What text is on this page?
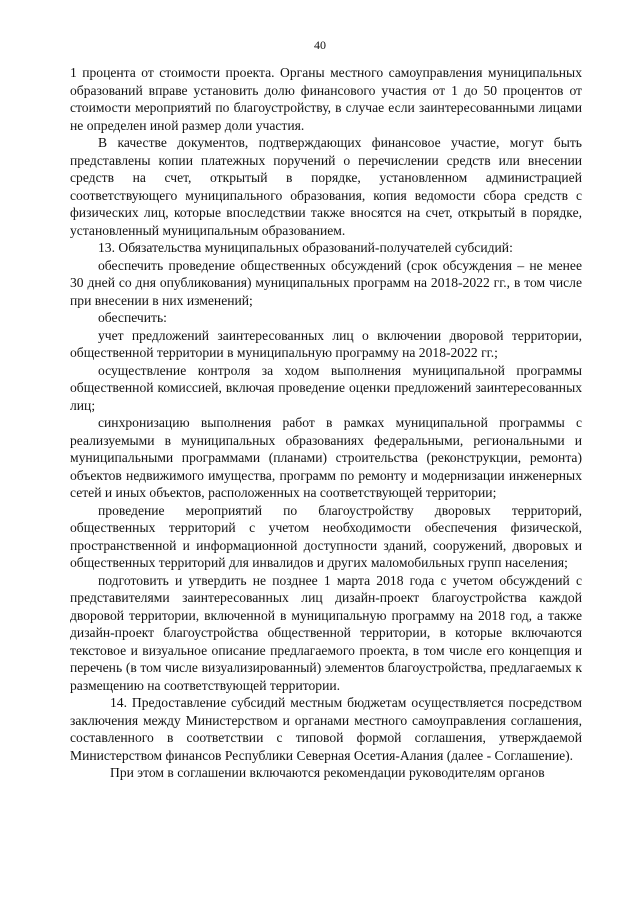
40

1 процента от стоимости проекта. Органы местного самоуправления муниципальных образований вправе установить долю финансового участия от 1 до 50 процентов от стоимости мероприятий по благоустройству, в случае если заинтересованными лицами не определен иной размер доли участия.

В качестве документов, подтверждающих финансовое участие, могут быть представлены копии платежных поручений о перечислении средств или внесении средств на счет, открытый в порядке, установленном администрацией соответствующего муниципального образования, копия ведомости сбора средств с физических лиц, которые впоследствии также вносятся на счет, открытый в порядке, установленный муниципальным образованием.

13. Обязательства муниципальных образований-получателей субсидий:

обеспечить проведение общественных обсуждений (срок обсуждения – не менее 30 дней со дня опубликования) муниципальных программ на 2018-2022 гг., в том числе при внесении в них изменений;

обеспечить:

учет предложений заинтересованных лиц о включении дворовой территории, общественной территории в муниципальную программу на 2018-2022 гг.;

осуществление контроля за ходом выполнения муниципальной программы общественной комиссией, включая проведение оценки предложений заинтересованных лиц;

синхронизацию выполнения работ в рамках муниципальной программы с реализуемыми в муниципальных образованиях федеральными, региональными и муниципальными программами (планами) строительства (реконструкции, ремонта) объектов недвижимого имущества, программ по ремонту и модернизации инженерных сетей и иных объектов, расположенных на соответствующей территории;

проведение мероприятий по благоустройству дворовых территорий, общественных территорий с учетом необходимости обеспечения физической, пространственной и информационной доступности зданий, сооружений, дворовых и общественных территорий для инвалидов и других маломобильных групп населения;

подготовить и утвердить не позднее 1 марта 2018 года с учетом обсуждений с представителями заинтересованных лиц дизайн-проект благоустройства каждой дворовой территории, включенной в муниципальную программу на 2018 год, а также дизайн-проект благоустройства общественной территории, в которые включаются текстовое и визуальное описание предлагаемого проекта, в том числе его концепция и перечень (в том числе визуализированный) элементов благоустройства, предлагаемых к размещению на соответствующей территории.

14. Предоставление субсидий местным бюджетам осуществляется посредством заключения между Министерством и органами местного самоуправления соглашения, составленного в соответствии с типовой формой соглашения, утверждаемой Министерством финансов Республики Северная Осетия-Алания (далее - Соглашение).

При этом в соглашении включаются рекомендации руководителям органов
